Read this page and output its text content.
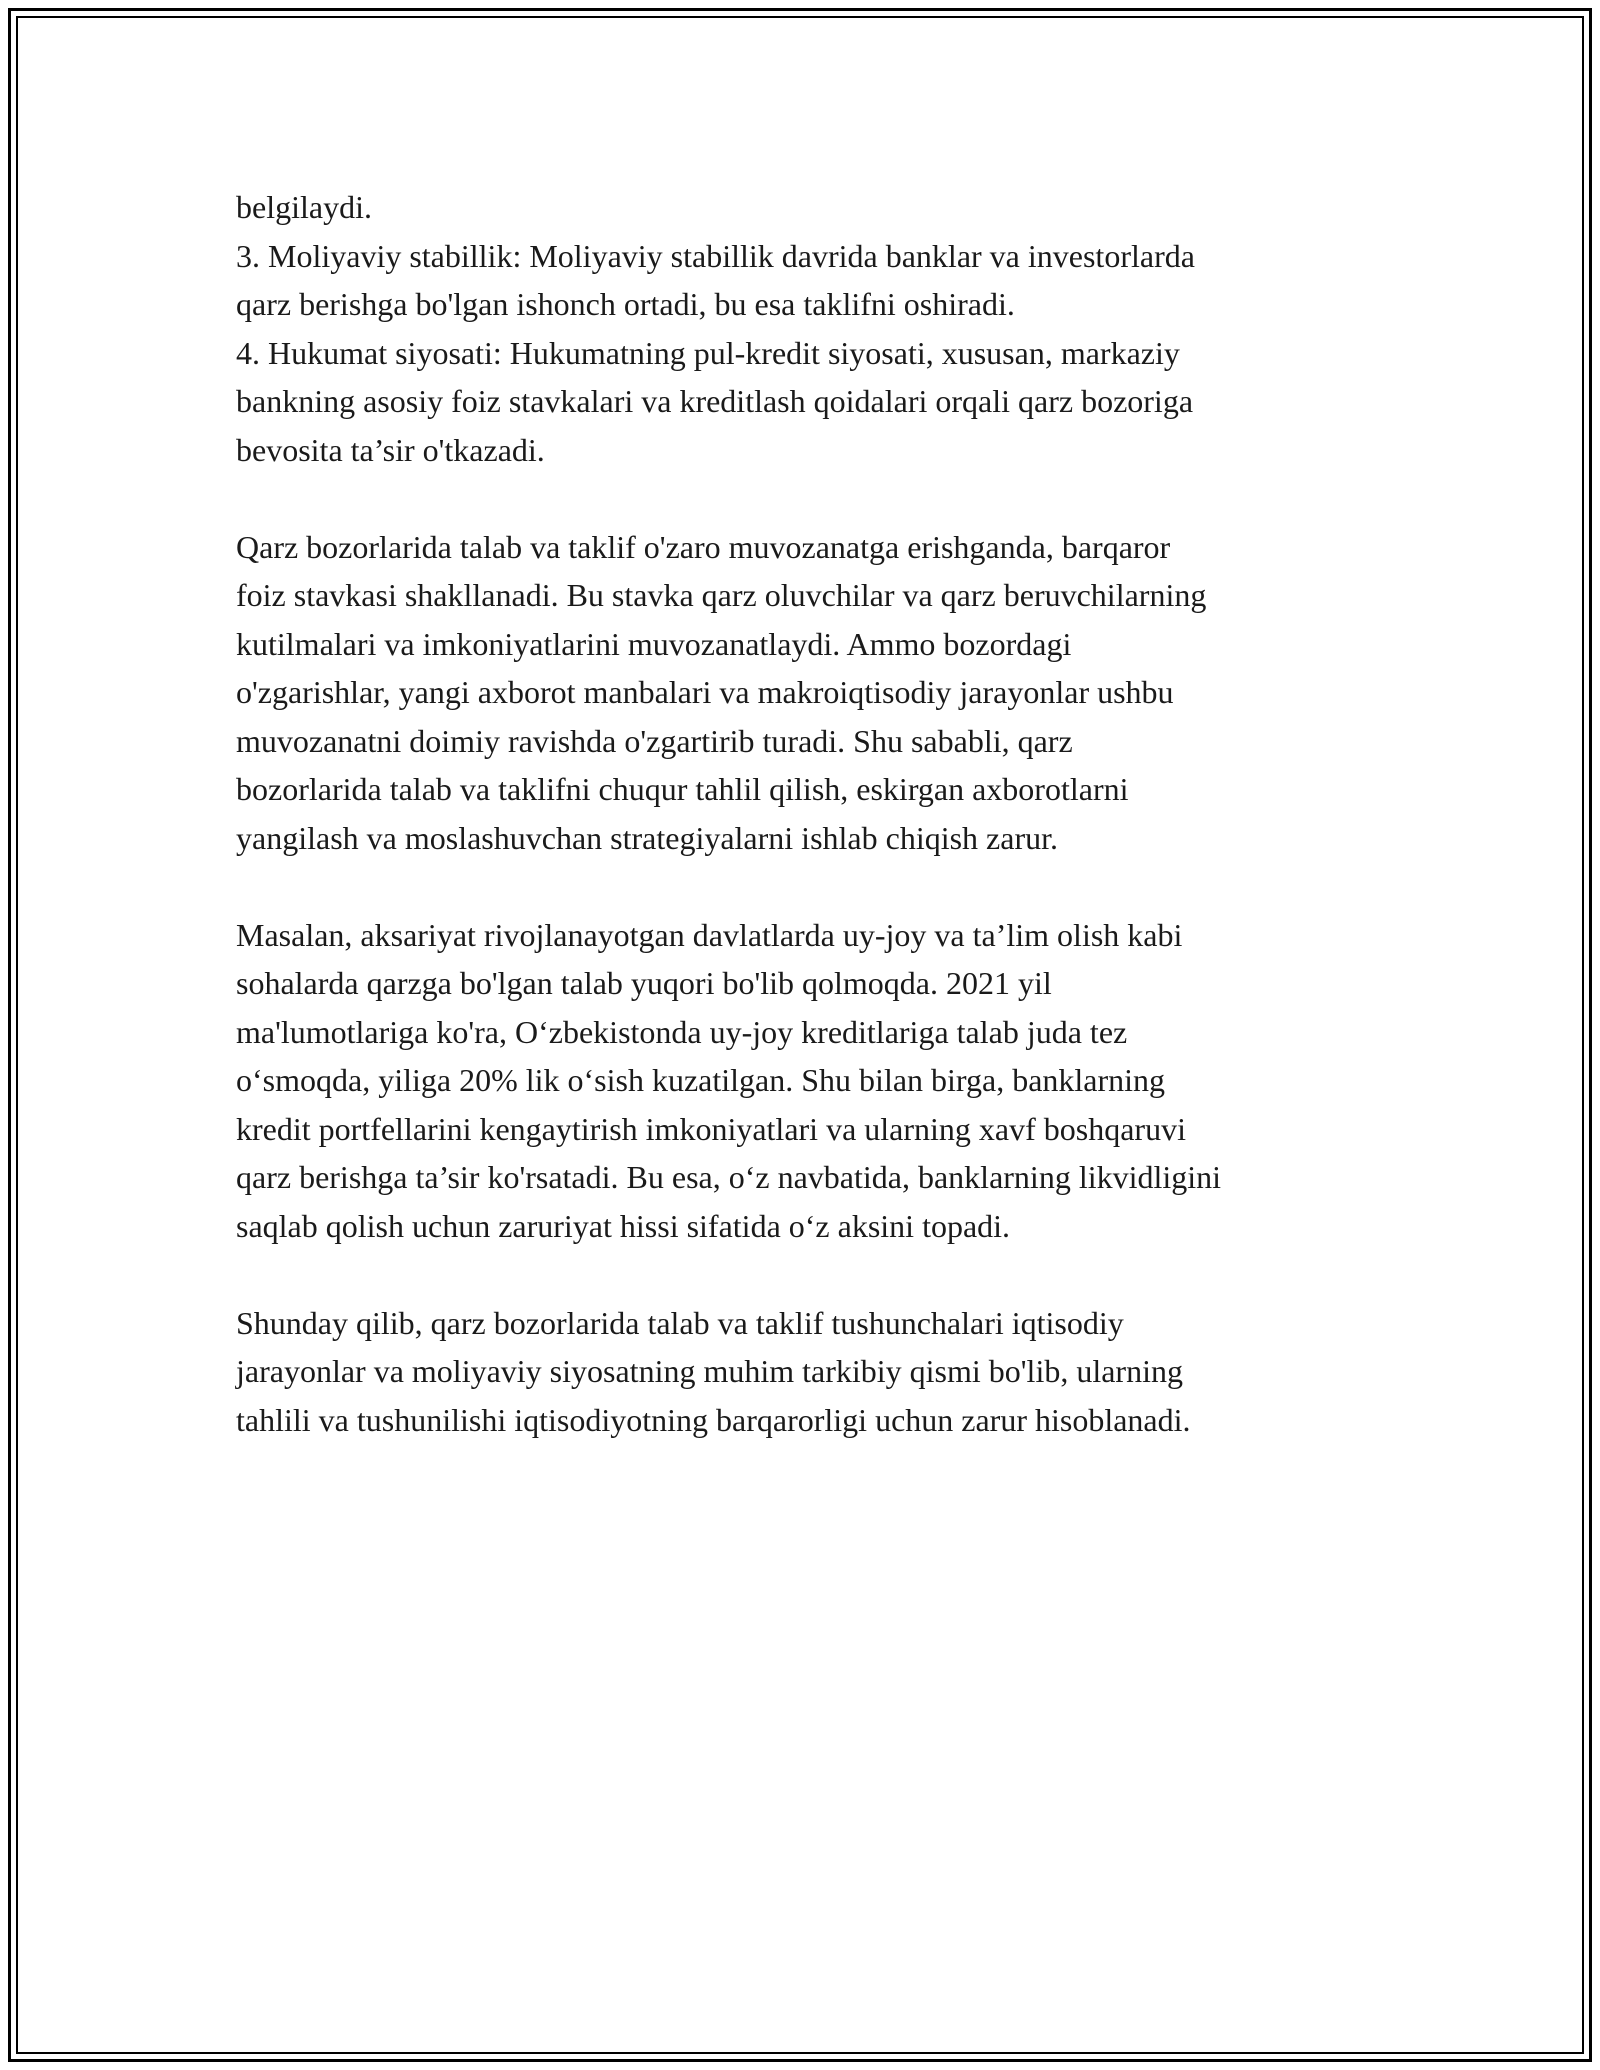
belgilaydi.
3. Moliyaviy stabillik: Moliyaviy stabillik davrida banklar va investorlarda
qarz berishga bo'lgan ishonch ortadi, bu esa taklifni oshiradi.
4. Hukumat siyosati: Hukumatning pul-kredit siyosati, xususan, markaziy
bankning asosiy foiz stavkalari va kreditlash qoidalari orqali qarz bozoriga
bevosita ta’sir o'tkazadi.
Qarz bozorlarida talab va taklif o'zaro muvozanatga erishganda, barqaror
foiz stavkasi shakllanadi. Bu stavka qarz oluvchilar va qarz beruvchilarning
kutilmalari va imkoniyatlarini muvozanatlaydi. Ammo bozordagi
o'zgarishlar, yangi axborot manbalari va makroiqtisodiy jarayonlar ushbu
muvozanatni doimiy ravishda o'zgartirib turadi. Shu sababli, qarz
bozorlarida talab va taklifni chuqur tahlil qilish, eskirgan axborotlarni
yangilash va moslashuvchan strategiyalarni ishlab chiqish zarur.
Masalan, aksariyat rivojlanayotgan davlatlarda uy-joy va ta’lim olish kabi
sohalarda qarzga bo'lgan talab yuqori bo'lib qolmoqda. 2021 yil
ma'lumotlariga ko'ra, O‘zbekistonda uy-joy kreditlariga talab juda tez
o‘smoqda, yiliga 20% lik o‘sish kuzatilgan. Shu bilan birga, banklarning
kredit portfellarini kengaytirish imkoniyatlari va ularning xavf boshqaruvi
qarz berishga ta’sir ko'rsatadi. Bu esa, o‘z navbatida, banklarning likvidligini
saqlab qolish uchun zaruriyat hissi sifatida o‘z aksini topadi.
Shunday qilib, qarz bozorlarida talab va taklif tushunchalari iqtisodiy
jarayonlar va moliyaviy siyosatning muhim tarkibiy qismi bo'lib, ularning
tahlili va tushunilishi iqtisodiyotning barqarorligi uchun zarur hisoblanadi.
